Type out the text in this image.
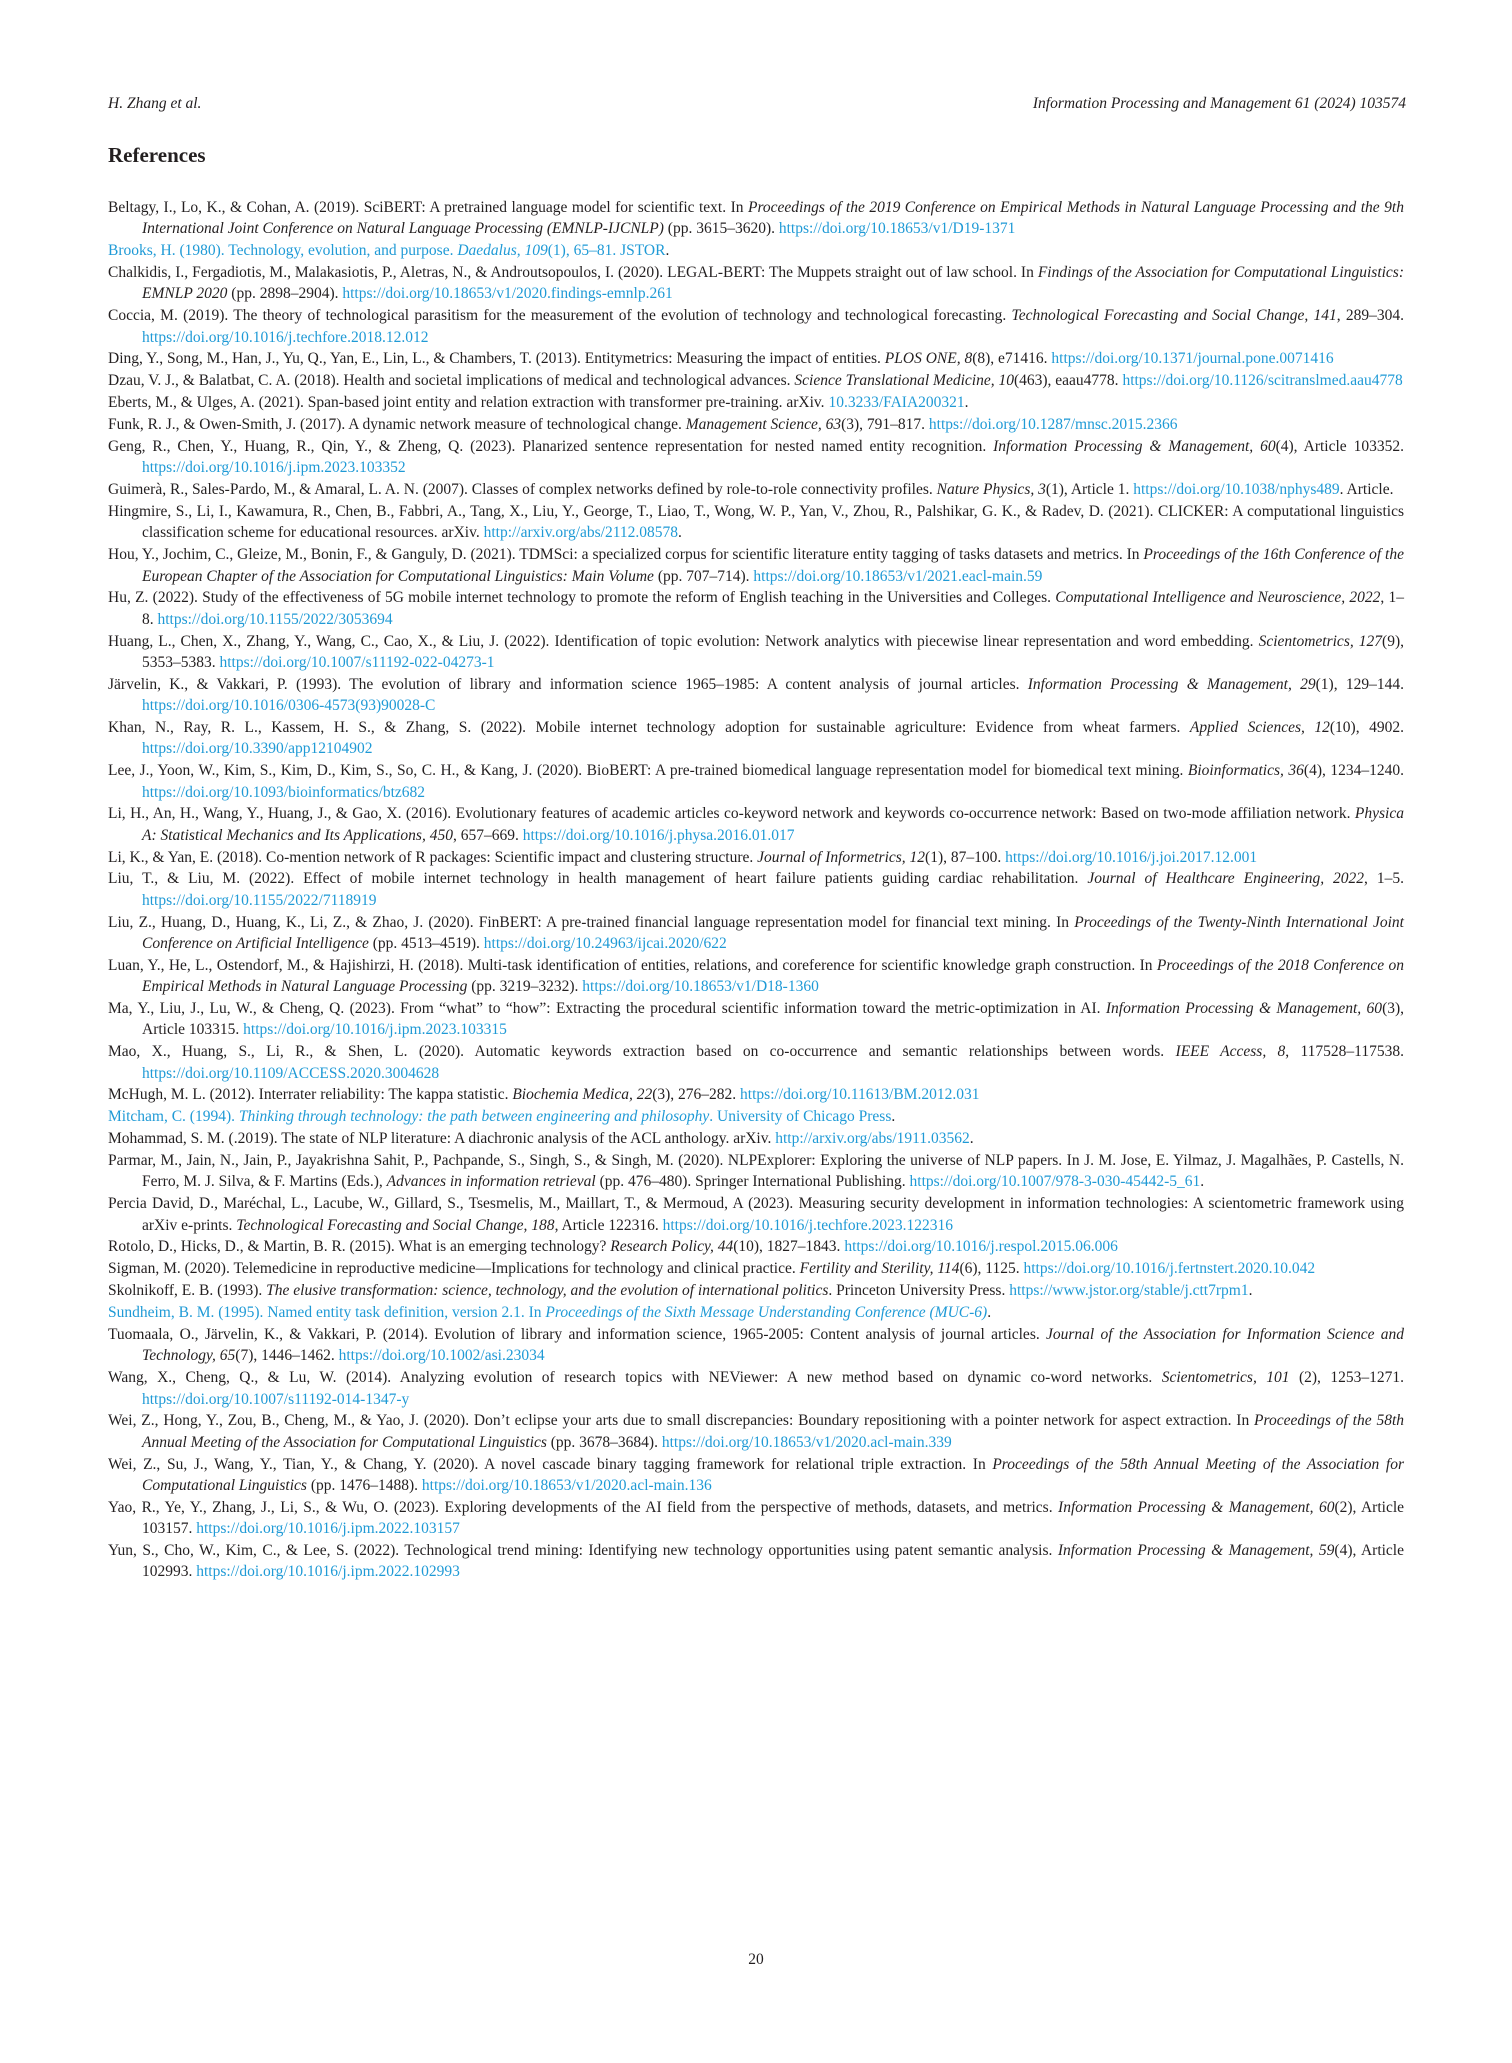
H. Zhang et al.	Information Processing and Management 61 (2024) 103574
References

Beltagy, I., Lo, K., & Cohan, A. (2019). SciBERT: A pretrained language model for scientific text. In Proceedings of the 2019 Conference on Empirical Methods in Natural Language Processing and the 9th International Joint Conference on Natural Language Processing (EMNLP-IJCNLP) (pp. 3615–3620). https://doi.org/10.18653/v1/D19-1371

Brooks, H. (1980). Technology, evolution, and purpose. Daedalus, 109(1), 65–81. JSTOR.

Chalkidis, I., Fergadiotis, M., Malakasiotis, P., Aletras, N., & Androutsopoulos, I. (2020). LEGAL-BERT: The Muppets straight out of law school. In Findings of the Association for Computational Linguistics: EMNLP 2020 (pp. 2898–2904). https://doi.org/10.18653/v1/2020.findings-emnlp.261

Coccia, M. (2019). The theory of technological parasitism for the measurement of the evolution of technology and technological forecasting. Technological Forecasting and Social Change, 141, 289–304. https://doi.org/10.1016/j.techfore.2018.12.012

Ding, Y., Song, M., Han, J., Yu, Q., Yan, E., Lin, L., & Chambers, T. (2013). Entitymetrics: Measuring the impact of entities. PLOS ONE, 8(8), e71416. https://doi.org/10.1371/journal.pone.0071416

Dzau, V. J., & Balatbat, C. A. (2018). Health and societal implications of medical and technological advances. Science Translational Medicine, 10(463), eaau4778. https://doi.org/10.1126/scitranslmed.aau4778

Eberts, M., & Ulges, A. (2021). Span-based joint entity and relation extraction with transformer pre-training. arXiv. 10.3233/FAIA200321.

Funk, R. J., & Owen-Smith, J. (2017). A dynamic network measure of technological change. Management Science, 63(3), 791–817. https://doi.org/10.1287/mnsc.2015.2366

Geng, R., Chen, Y., Huang, R., Qin, Y., & Zheng, Q. (2023). Planarized sentence representation for nested named entity recognition. Information Processing & Management, 60(4), Article 103352. https://doi.org/10.1016/j.ipm.2023.103352

Guimerà, R., Sales-Pardo, M., & Amaral, L. A. N. (2007). Classes of complex networks defined by role-to-role connectivity profiles. Nature Physics, 3(1), Article 1. https://doi.org/10.1038/nphys489. Article.

Hingmire, S., Li, I., Kawamura, R., Chen, B., Fabbri, A., Tang, X., Liu, Y., George, T., Liao, T., Wong, W. P., Yan, V., Zhou, R., Palshikar, G. K., & Radev, D. (2021). CLICKER: A computational linguistics classification scheme for educational resources. arXiv. http://arxiv.org/abs/2112.08578.

Hou, Y., Jochim, C., Gleize, M., Bonin, F., & Ganguly, D. (2021). TDMSci: a specialized corpus for scientific literature entity tagging of tasks datasets and metrics. In Proceedings of the 16th Conference of the European Chapter of the Association for Computational Linguistics: Main Volume (pp. 707–714). https://doi.org/10.18653/v1/2021.eacl-main.59

Hu, Z. (2022). Study of the effectiveness of 5G mobile internet technology to promote the reform of English teaching in the Universities and Colleges. Computational Intelligence and Neuroscience, 2022, 1–8. https://doi.org/10.1155/2022/3053694

Huang, L., Chen, X., Zhang, Y., Wang, C., Cao, X., & Liu, J. (2022). Identification of topic evolution: Network analytics with piecewise linear representation and word embedding. Scientometrics, 127(9), 5353–5383. https://doi.org/10.1007/s11192-022-04273-1

Järvelin, K., & Vakkari, P. (1993). The evolution of library and information science 1965–1985: A content analysis of journal articles. Information Processing & Management, 29(1), 129–144. https://doi.org/10.1016/0306-4573(93)90028-C

Khan, N., Ray, R. L., Kassem, H. S., & Zhang, S. (2022). Mobile internet technology adoption for sustainable agriculture: Evidence from wheat farmers. Applied Sciences, 12(10), 4902. https://doi.org/10.3390/app12104902

Lee, J., Yoon, W., Kim, S., Kim, D., Kim, S., So, C. H., & Kang, J. (2020). BioBERT: A pre-trained biomedical language representation model for biomedical text mining. Bioinformatics, 36(4), 1234–1240. https://doi.org/10.1093/bioinformatics/btz682

Li, H., An, H., Wang, Y., Huang, J., & Gao, X. (2016). Evolutionary features of academic articles co-keyword network and keywords co-occurrence network: Based on two-mode affiliation network. Physica A: Statistical Mechanics and Its Applications, 450, 657–669. https://doi.org/10.1016/j.physa.2016.01.017

Li, K., & Yan, E. (2018). Co-mention network of R packages: Scientific impact and clustering structure. Journal of Informetrics, 12(1), 87–100. https://doi.org/10.1016/j.joi.2017.12.001

Liu, T., & Liu, M. (2022). Effect of mobile internet technology in health management of heart failure patients guiding cardiac rehabilitation. Journal of Healthcare Engineering, 2022, 1–5. https://doi.org/10.1155/2022/7118919

Liu, Z., Huang, D., Huang, K., Li, Z., & Zhao, J. (2020). FinBERT: A pre-trained financial language representation model for financial text mining. In Proceedings of the Twenty-Ninth International Joint Conference on Artificial Intelligence (pp. 4513–4519). https://doi.org/10.24963/ijcai.2020/622

Luan, Y., He, L., Ostendorf, M., & Hajishirzi, H. (2018). Multi-task identification of entities, relations, and coreference for scientific knowledge graph construction. In Proceedings of the 2018 Conference on Empirical Methods in Natural Language Processing (pp. 3219–3232). https://doi.org/10.18653/v1/D18-1360

Ma, Y., Liu, J., Lu, W., & Cheng, Q. (2023). From “what” to “how”: Extracting the procedural scientific information toward the metric-optimization in AI. Information Processing & Management, 60(3), Article 103315. https://doi.org/10.1016/j.ipm.2023.103315

Mao, X., Huang, S., Li, R., & Shen, L. (2020). Automatic keywords extraction based on co-occurrence and semantic relationships between words. IEEE Access, 8, 117528–117538. https://doi.org/10.1109/ACCESS.2020.3004628

McHugh, M. L. (2012). Interrater reliability: The kappa statistic. Biochemia Medica, 22(3), 276–282. https://doi.org/10.11613/BM.2012.031

Mitcham, C. (1994). Thinking through technology: the path between engineering and philosophy. University of Chicago Press.

Mohammad, S. M. (.2019). The state of NLP literature: A diachronic analysis of the ACL anthology. arXiv. http://arxiv.org/abs/1911.03562.

Parmar, M., Jain, N., Jain, P., Jayakrishna Sahit, P., Pachpande, S., Singh, S., & Singh, M. (2020). NLPExplorer: Exploring the universe of NLP papers. In J. M. Jose, E. Yilmaz, J. Magalhães, P. Castells, N. Ferro, M. J. Silva, & F. Martins (Eds.), Advances in information retrieval (pp. 476–480). Springer International Publishing. https://doi.org/10.1007/978-3-030-45442-5_61.

Percia David, D., Maréchal, L., Lacube, W., Gillard, S., Tsesmelis, M., Maillart, T., & Mermoud, A (2023). Measuring security development in information technologies: A scientometric framework using arXiv e-prints. Technological Forecasting and Social Change, 188, Article 122316. https://doi.org/10.1016/j.techfore.2023.122316

Rotolo, D., Hicks, D., & Martin, B. R. (2015). What is an emerging technology? Research Policy, 44(10), 1827–1843. https://doi.org/10.1016/j.respol.2015.06.006

Sigman, M. (2020). Telemedicine in reproductive medicine—Implications for technology and clinical practice. Fertility and Sterility, 114(6), 1125. https://doi.org/10.1016/j.fertnstert.2020.10.042

Skolnikoff, E. B. (1993). The elusive transformation: science, technology, and the evolution of international politics. Princeton University Press. https://www.jstor.org/stable/j.ctt7rpm1.

Sundheim, B. M. (1995). Named entity task definition, version 2.1. In Proceedings of the Sixth Message Understanding Conference (MUC-6).

Tuomaala, O., Järvelin, K., & Vakkari, P. (2014). Evolution of library and information science, 1965-2005: Content analysis of journal articles. Journal of the Association for Information Science and Technology, 65(7), 1446–1462. https://doi.org/10.1002/asi.23034

Wang, X., Cheng, Q., & Lu, W. (2014). Analyzing evolution of research topics with NEViewer: A new method based on dynamic co-word networks. Scientometrics, 101 (2), 1253–1271. https://doi.org/10.1007/s11192-014-1347-y

Wei, Z., Hong, Y., Zou, B., Cheng, M., & Yao, J. (2020). Don’t eclipse your arts due to small discrepancies: Boundary repositioning with a pointer network for aspect extraction. In Proceedings of the 58th Annual Meeting of the Association for Computational Linguistics (pp. 3678–3684). https://doi.org/10.18653/v1/2020.acl-main.339

Wei, Z., Su, J., Wang, Y., Tian, Y., & Chang, Y. (2020). A novel cascade binary tagging framework for relational triple extraction. In Proceedings of the 58th Annual Meeting of the Association for Computational Linguistics (pp. 1476–1488). https://doi.org/10.18653/v1/2020.acl-main.136

Yao, R., Ye, Y., Zhang, J., Li, S., & Wu, O. (2023). Exploring developments of the AI field from the perspective of methods, datasets, and metrics. Information Processing & Management, 60(2), Article 103157. https://doi.org/10.1016/j.ipm.2022.103157

Yun, S., Cho, W., Kim, C., & Lee, S. (2022). Technological trend mining: Identifying new technology opportunities using patent semantic analysis. Information Processing & Management, 59(4), Article 102993. https://doi.org/10.1016/j.ipm.2022.102993

20
